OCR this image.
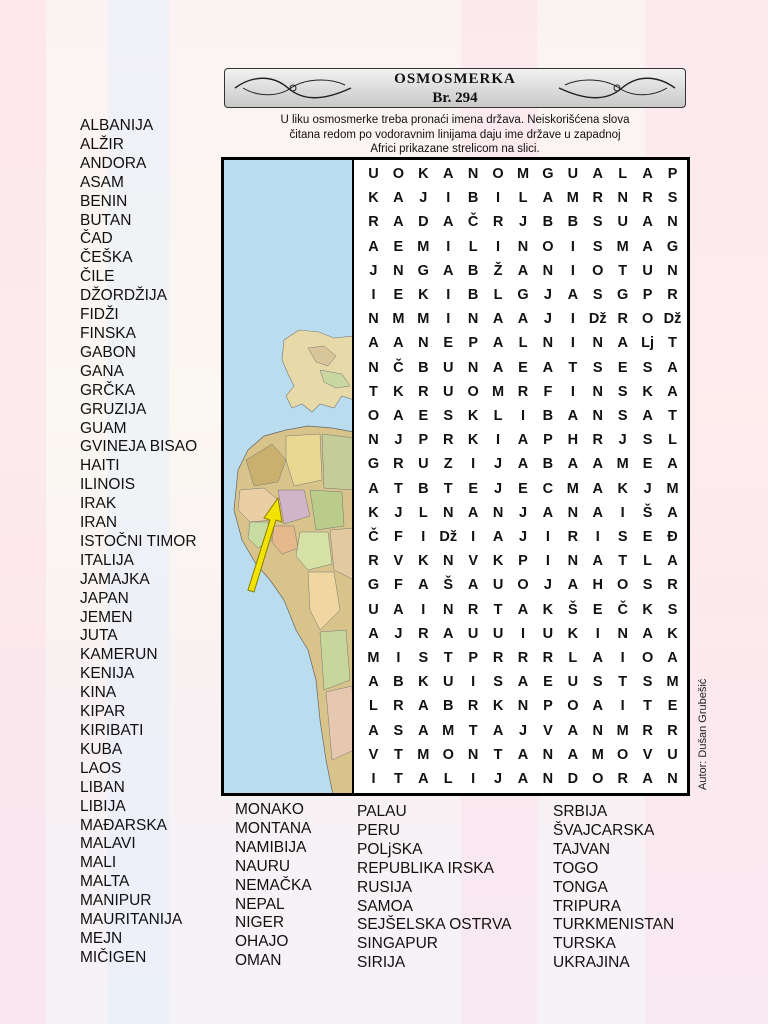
OSMOSMERKA
Br. 294
U liku osmosmerke treba pronaći imena država. Neiskorišćena slova
čitana redom po vodoravnim linijama daju ime države u zapadnoj
Africi prikazane strelicom na slici.
U O K A N O M G U A	L	A	P
K A	J	I	B	I	L	A M R N R	S
R A D A Č R	J	B B	S	U A N
A	E M	I	L	I	N O	I	S M A G
J	N G A B	Ž	A N	I	O	T	U N
I	E	K	I	B	L	G	J	A	S G P	R
N M M	I	N A A	J	I Dž R O Dž
A A N	E	P	A	L	N	I	N A Lj T
N Č B U N A	E	A	T	S	E	S	A
T	K R U O M R	F	I	N	S	K A
O A	E	S	K	L	I	B A N	S	A	T
N	J	P	R K	I	A	P	H R	J	S	L
G R U	Z	I	J	A B A A M E	A
A	T	B	T	E	J	E	C M A K	J	M
K	J	L	N A N	J	A N A	I	Š	A
Č	F	I Dž I	A	J	I	R	I	S	E	Đ
R	V	K N	V	K	P	I	N A	T	L	A
G	F	A	Š	A U O	J	A H O S	R
U A	I	N R	T	A K	Š	E	Č K	S
A	J	R A U U	I	U K	I	N A K
M	I	S	T	P	R R R	L	A	I	O A
A B K U	I	S	A	E	U	S	T	S M
L	R A B R K N	P O A	I	T	E
A	S	A M T	A	J	V	A N M R R
V	T M O N	T	A N A M O V	U
I	T	A	L	I	J	A N D O R A N
ALBANIJA
ALŽIR
ANDORA
ASAM
BENIN
BUTAN
ČAD
ČEŠKA
ČILE
DŽORDŽIJA
FIDŽI
FINSKA
GABON
GANA
GRČKA
GRUZIJA
GUAM
GVINEJA BISAO
HAITI
ILINOIS
IRAK
IRAN
ISTOČNI TIMOR
ITALIJA
JAMAJKA
JAPAN
JEMEN
JUTA
KAMERUN
KENIJA
KINA
KIPAR
KIRIBATI
KUBA
LAOS
LIBAN
LIBIJA
MAĐARSKA
MALAVI
MALI
MALTA
MANIPUR
MAURITANIJA
MEJN
MIČIGEN
MONAKO
MONTANA
NAMIBIJA
NAURU
NEMAČKA
NEPAL
NIGER
OHAJO
OMAN
PALAU
PERU
POLjSKA
REPUBLIKA IRSKA
RUSIJA
SAMOA
SEJŠELSKA OSTRVA
SINGAPUR
SIRIJA
SRBIJA
ŠVAJCARSKA
TAJVAN
TOGO
TONGA
TRIPURA
TURKMENISTAN
TURSKA
UKRAJINA
Autor: Dušan Grubešić
